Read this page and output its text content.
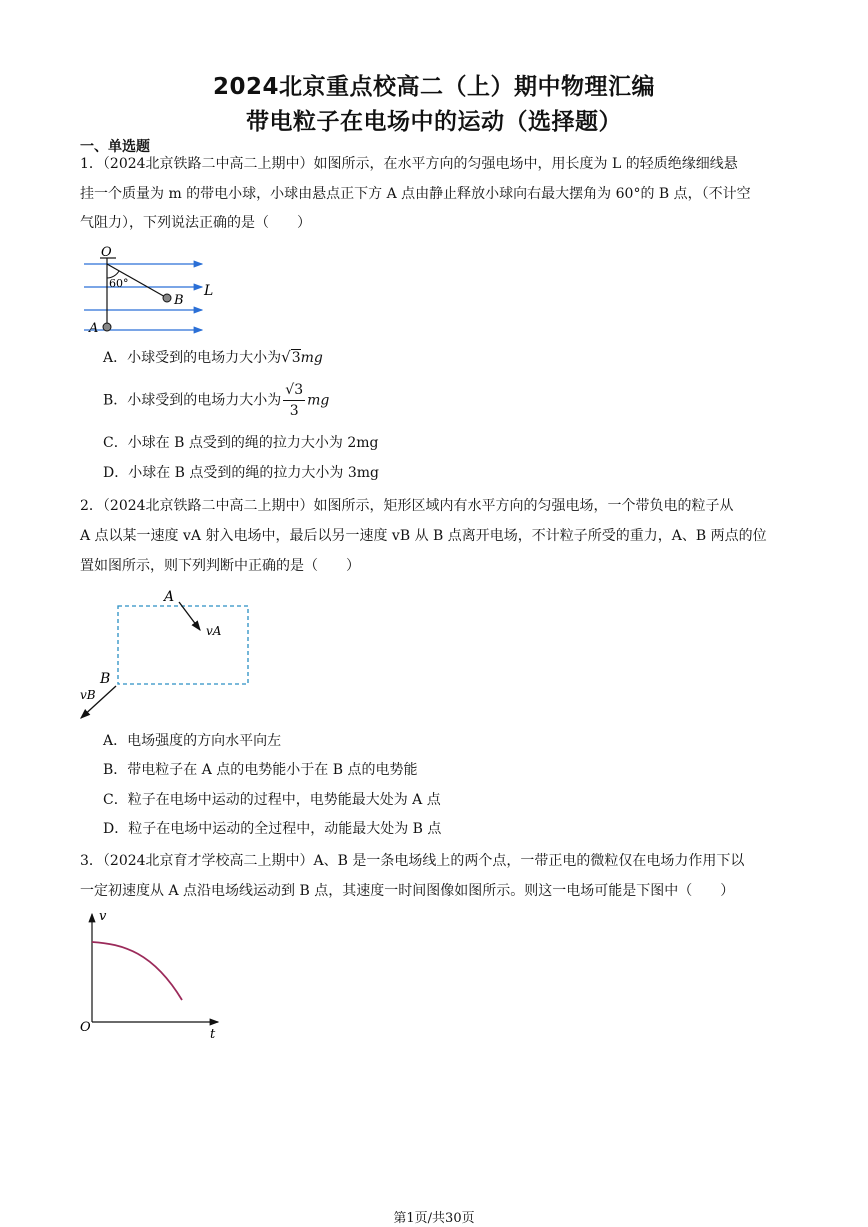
2024北京重点校高二（上）期中物理汇编
带电粒子在电场中的运动（选择题）
一、单选题
1．（2024北京铁路二中高二上期中）如图所示，在水平方向的匀强电场中，用长度为 L 的轻质绝缘细线悬
挂一个质量为 m 的带电小球，小球由悬点正下方 A 点由静止释放小球向右最大摆角为 60°的 B 点，（不计空
气阻力），下列说法正确的是（　　）
O
60°
B
L
A
A．小球受到的电场力大小为√3mg
B．小球受到的电场力大小为 $\frac{√3}{3}$ mg
C．小球在 B 点受到的绳的拉力大小为 2mg
D．小球在 B 点受到的绳的拉力大小为 3mg
2．（2024北京铁路二中高二上期中）如图所示，矩形区域内有水平方向的匀强电场，一个带负电的粒子从
A 点以某一速度 vA 射入电场中，最后以另一速度 vB 从 B 点离开电场，不计粒子所受的重力，A、B 两点的位
置如图所示，则下列判断中正确的是（　　）
A
vA
B
vB
A．电场强度的方向水平向左
B．带电粒子在 A 点的电势能小于在 B 点的电势能
C．粒子在电场中运动的过程中，电势能最大处为 A 点
D．粒子在电场中运动的全过程中，动能最大处为 B 点
3．（2024北京育才学校高二上期中）A、B 是一条电场线上的两个点，一带正电的微粒仅在电场力作用下以
一定初速度从 A 点沿电场线运动到 B 点，其速度一时间图像如图所示。则这一电场可能是下图中（　　）
v
O	t
第1页/共30页
